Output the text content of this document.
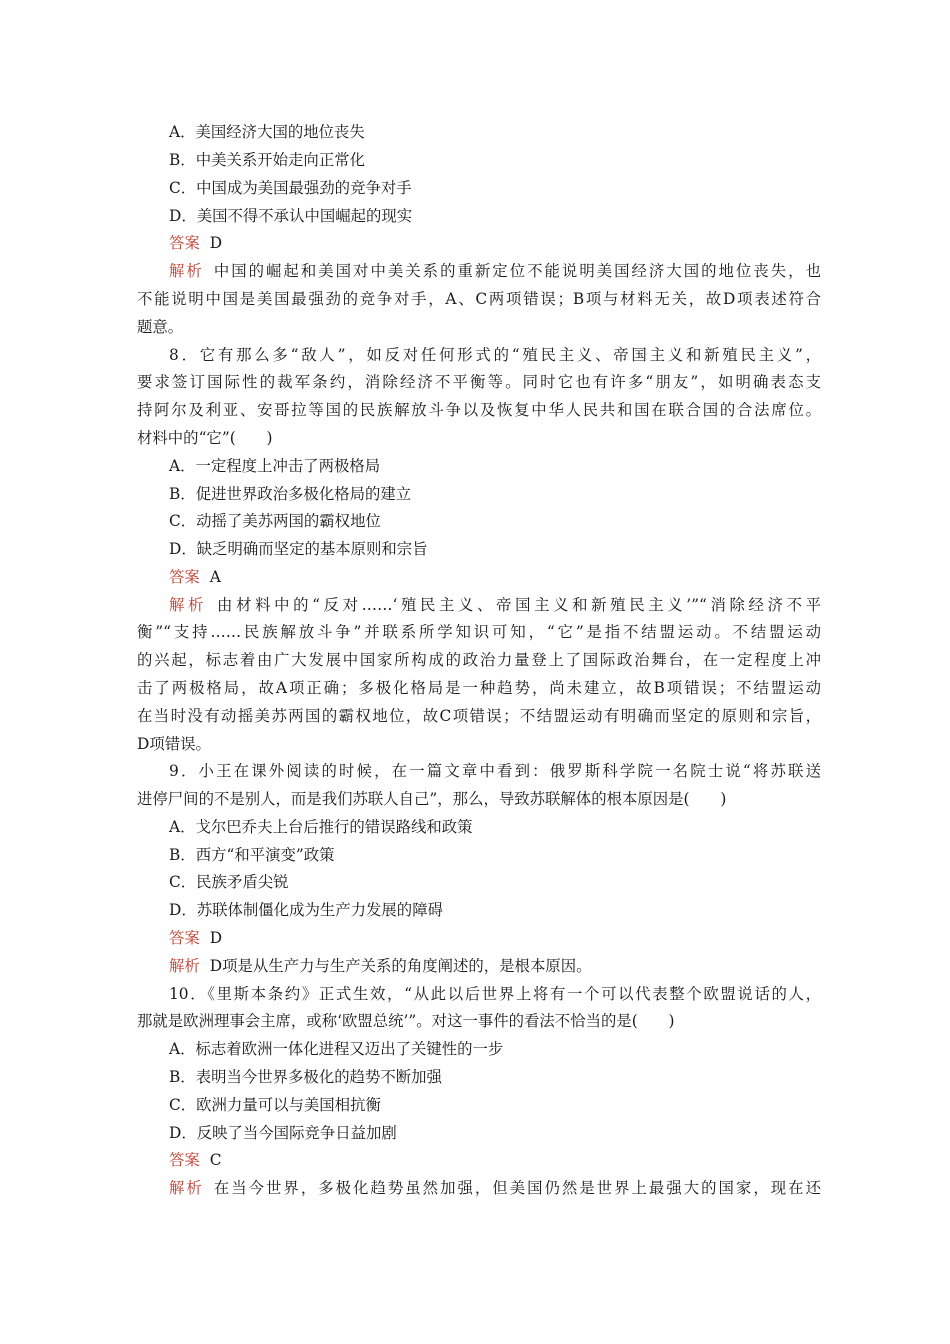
A．美国经济大国的地位丧失
B．中美关系开始走向正常化
C．中国成为美国最强劲的竞争对手
D．美国不得不承认中国崛起的现实
答案 D
解析 中国的崛起和美国对中美关系的重新定位不能说明美国经济大国的地位丧失，也
不能说明中国是美国最强劲的竞争对手，A、C两项错误；B项与材料无关，故D项表述符合
题意。
8．它有那么多“敌人”，如反对任何形式的“殖民主义、帝国主义和新殖民主义”，
要求签订国际性的裁军条约，消除经济不平衡等。同时它也有许多“朋友”，如明确表态支
持阿尔及利亚、安哥拉等国的民族解放斗争以及恢复中华人民共和国在联合国的合法席位。
材料中的“它”(　　)
A．一定程度上冲击了两极格局
B．促进世界政治多极化格局的建立
C．动摇了美苏两国的霸权地位
D．缺乏明确而坚定的基本原则和宗旨
答案 A
解析 由材料中的“反对……‘殖民主义、帝国主义和新殖民主义’”“消除经济不平
衡”“支持……民族解放斗争”并联系所学知识可知，“它”是指不结盟运动。不结盟运动
的兴起，标志着由广大发展中国家所构成的政治力量登上了国际政治舞台，在一定程度上冲
击了两极格局，故A项正确；多极化格局是一种趋势，尚未建立，故B项错误；不结盟运动
在当时没有动摇美苏两国的霸权地位，故C项错误；不结盟运动有明确而坚定的原则和宗旨，
D项错误。
9．小王在课外阅读的时候，在一篇文章中看到：俄罗斯科学院一名院士说“将苏联送
进停尸间的不是别人，而是我们苏联人自己”，那么，导致苏联解体的根本原因是(　　)
A．戈尔巴乔夫上台后推行的错误路线和政策
B．西方“和平演变”政策
C．民族矛盾尖锐
D．苏联体制僵化成为生产力发展的障碍
答案 D
解析 D项是从生产力与生产关系的角度阐述的，是根本原因。
10．《里斯本条约》正式生效，“从此以后世界上将有一个可以代表整个欧盟说话的人，
那就是欧洲理事会主席，或称‘欧盟总统’”。对这一事件的看法不恰当的是(　　)
A．标志着欧洲一体化进程又迈出了关键性的一步
B．表明当今世界多极化的趋势不断加强
C．欧洲力量可以与美国相抗衡
D．反映了当今国际竞争日益加剧
答案 C
解析 在当今世界，多极化趋势虽然加强，但美国仍然是世界上最强大的国家，现在还
